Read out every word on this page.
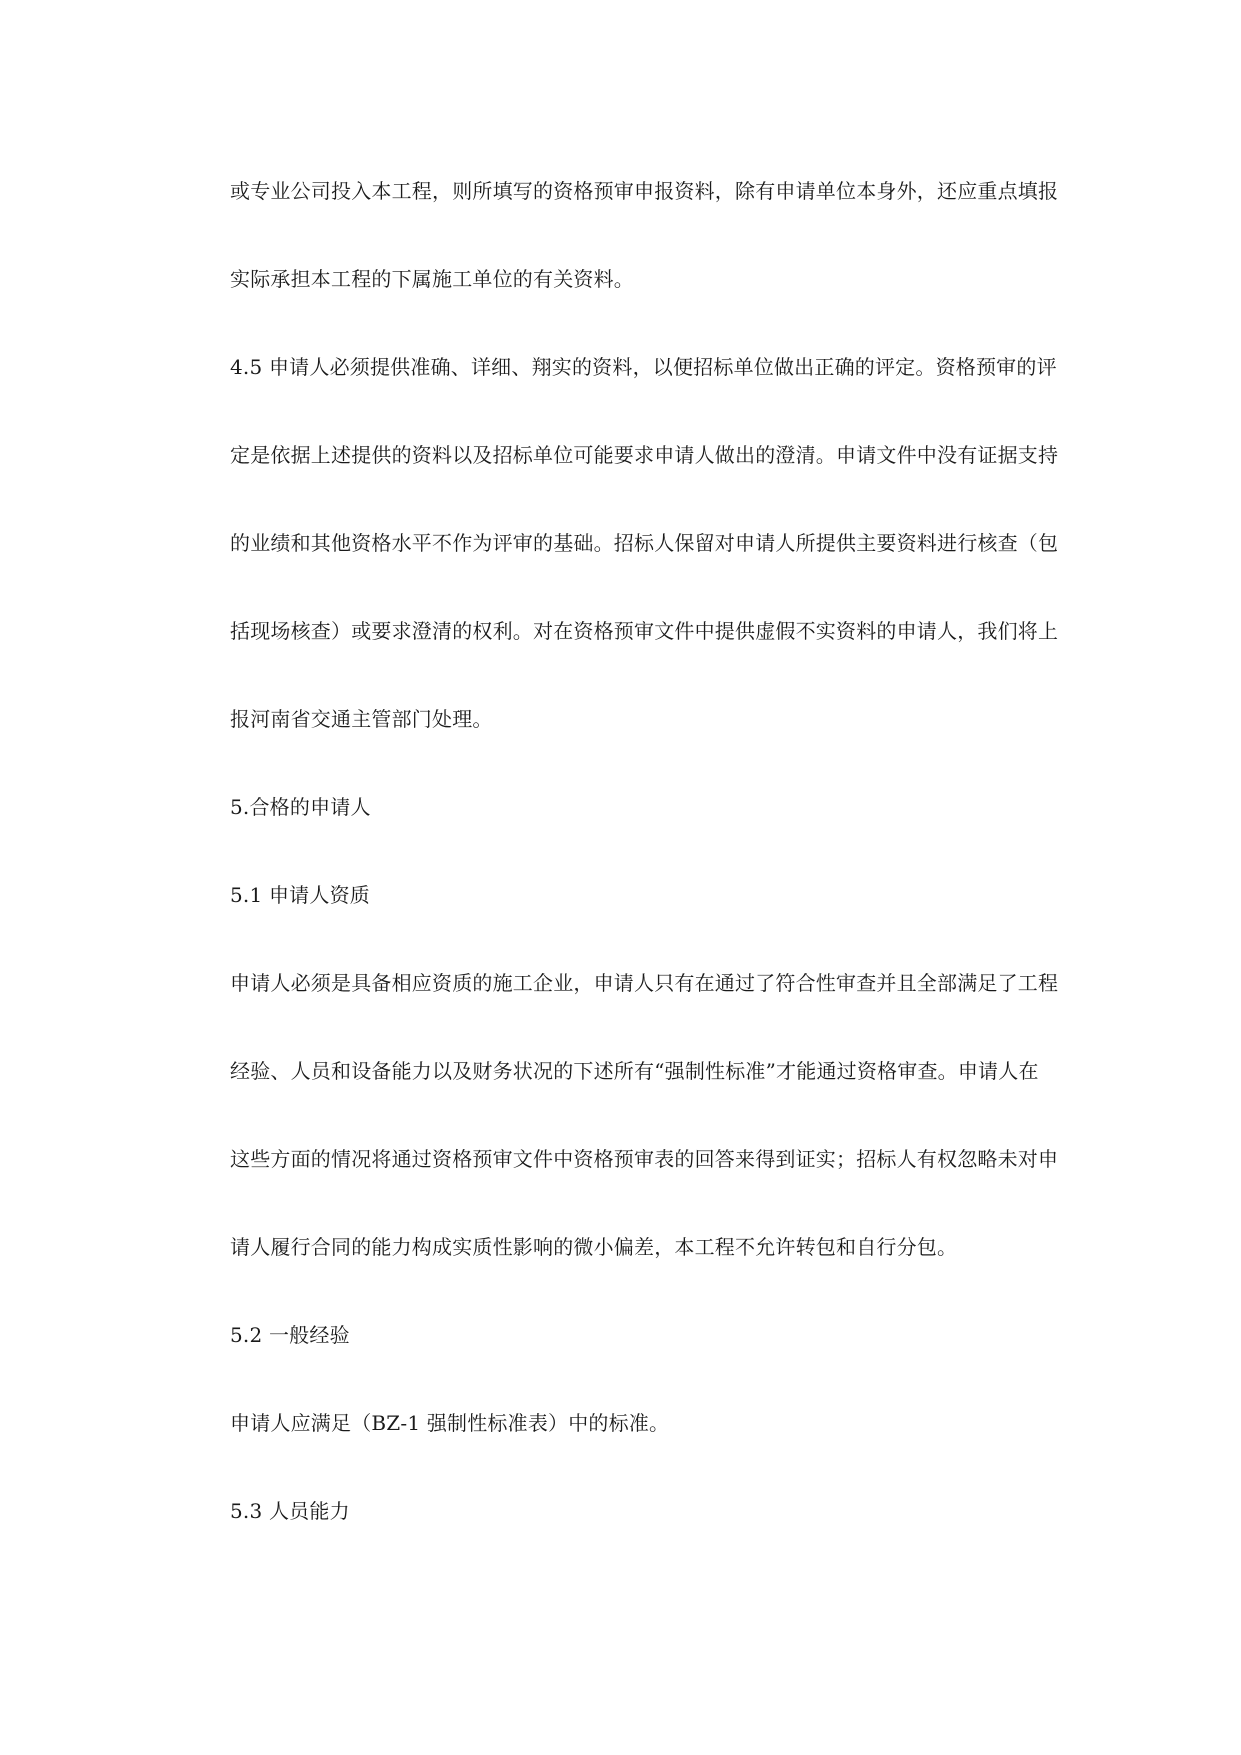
或专业公司投入本工程，则所填写的资格预审申报资料，除有申请单位本身外，还应重点填报
实际承担本工程的下属施工单位的有关资料。
4.5 申请人必须提供准确、详细、翔实的资料，以便招标单位做出正确的评定。资格预审的评
定是依据上述提供的资料以及招标单位可能要求申请人做出的澄清。申请文件中没有证据支持
的业绩和其他资格水平不作为评审的基础。招标人保留对申请人所提供主要资料进行核查（包
括现场核查）或要求澄清的权利。对在资格预审文件中提供虚假不实资料的申请人，我们将上
报河南省交通主管部门处理。
5.合格的申请人
5.1 申请人资质
申请人必须是具备相应资质的施工企业，申请人只有在通过了符合性审查并且全部满足了工程
经验、人员和设备能力以及财务状况的下述所有“强制性标准”才能通过资格审查。申请人在
这些方面的情况将通过资格预审文件中资格预审表的回答来得到证实；招标人有权忽略未对申
请人履行合同的能力构成实质性影响的微小偏差，本工程不允许转包和自行分包。
5.2 一般经验
申请人应满足（BZ-1 强制性标准表）中的标准。
5.3 人员能力
